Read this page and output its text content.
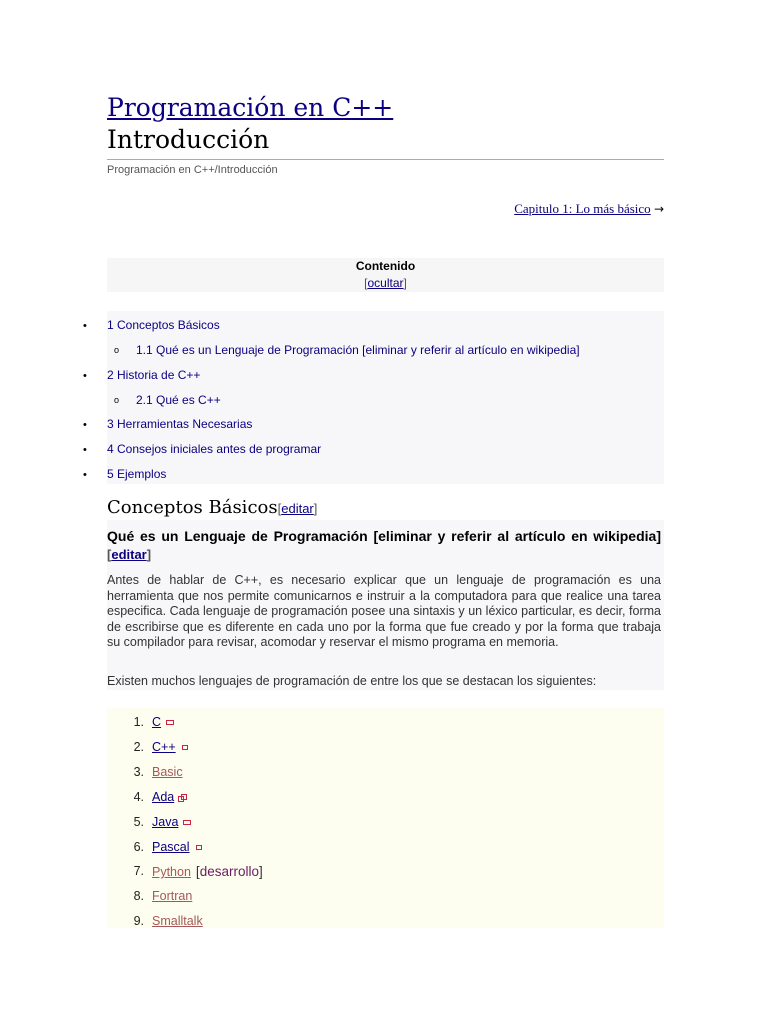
Programación en C++
Introducción
Programación en C++/Introducción
Capitulo 1: Lo más básico →
Contenido
[ocultar]
• 1 Conceptos Básicos
o 1.1 Qué es un Lenguaje de Programación [eliminar y referir al artículo en wikipedia]
• 2 Historia de C++
o 2.1 Qué es C++
• 3 Herramientas Necesarias
• 4 Consejos iniciales antes de programar
• 5 Ejemplos
Conceptos Básicos[editar]
Qué es un Lenguaje de Programación [eliminar y referir al artículo en wikipedia][editar]
Antes de hablar de C++, es necesario explicar que un lenguaje de programación es una herramienta que nos permite comunicarnos e instruir a la computadora para que realice una tarea especifica. Cada lenguaje de programación posee una sintaxis y un léxico particular, es decir, forma de escribirse que es diferente en cada uno por la forma que fue creado y por la forma que trabaja su compilador para revisar, acomodar y reservar el mismo programa en memoria.
Existen muchos lenguajes de programación de entre los que se destacan los siguientes:
1. C
2. C++
3. Basic
4. Ada
5. Java
6. Pascal
7. Python [desarrollo]
8. Fortran
9. Smalltalk
